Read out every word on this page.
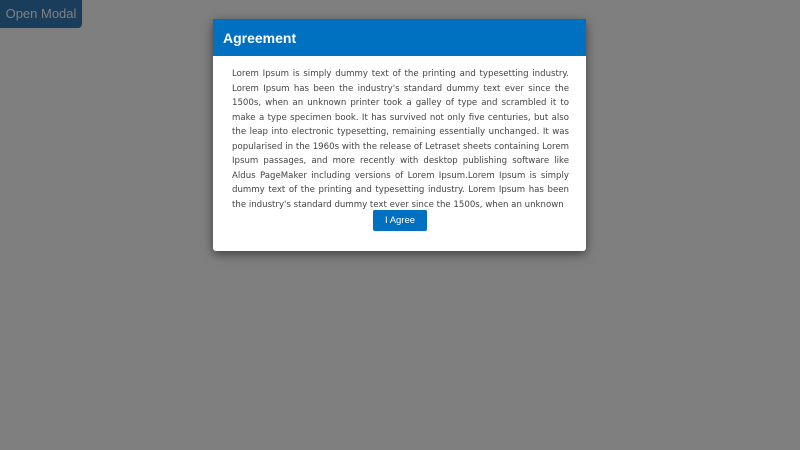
Agreement

Lorem Ipsum is simply dummy text of the printing and typesetting industry. Lorem Ipsum has been the industry's standard dummy text ever since the 1500s, when an unknown printer took a galley of type and scrambled it to make a type specimen book. It has survived not only five centuries, but also the leap into electronic typesetting, remaining essentially unchanged. It was popularised in the 1960s with the release of Letraset sheets containing Lorem Ipsum passages, and more recently with desktop publishing software like Aldus PageMaker including versions of Lorem Ipsum.Lorem Ipsum is simply dummy text of the printing and typesetting industry. Lorem Ipsum has been the industry's standard dummy text ever since the 1500s, when an unknown

I Agree
